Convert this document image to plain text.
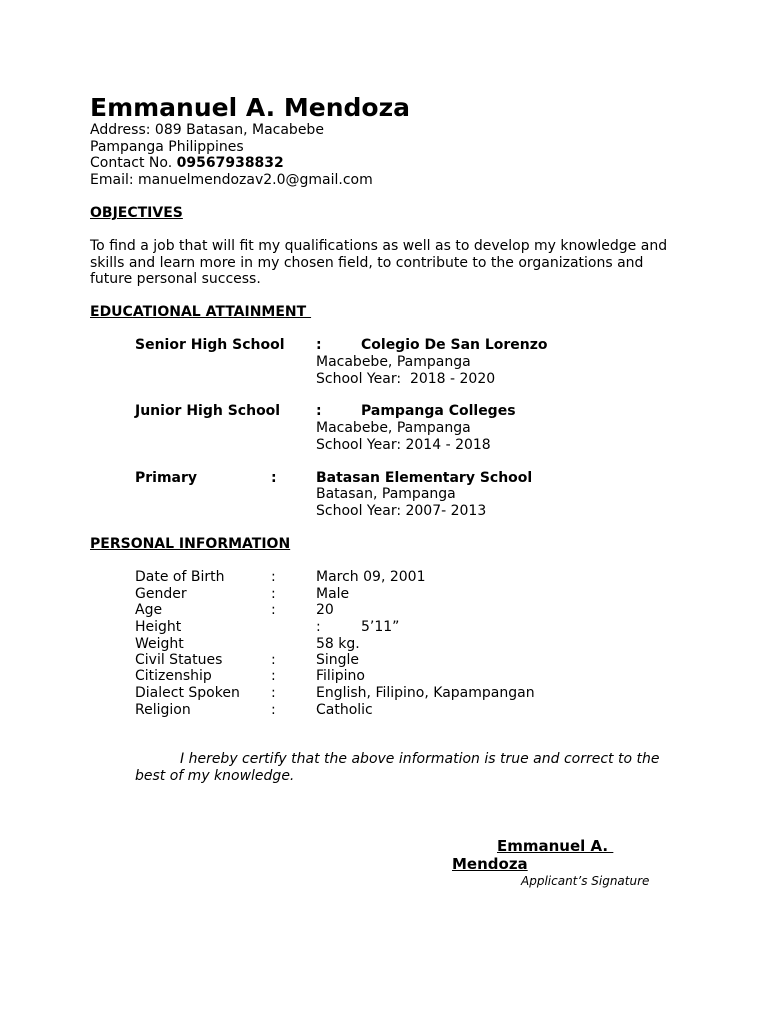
Emmanuel A. Mendoza
Address: 089 Batasan, Macabebe
Pampanga Philippines
Contact No. 09567938832
Email: manuelmendozav2.0@gmail.com
OBJECTIVES
To find a job that will fit my qualifications as well as to develop my knowledge and
skills and learn more in my chosen field, to contribute to the organizations and
future personal success.
EDUCATIONAL ATTAINMENT
Senior High School :	Colegio De San Lorenzo
Macabebe, Pampanga
School Year:  2018 - 2020
Junior High School	:	Pampanga Colleges
Macabebe, Pampanga
School Year: 2014 - 2018
Primary	:	Batasan Elementary School
Batasan, Pampanga
School Year: 2007- 2013
PERSONAL INFORMATION
Date of Birth	:	March 09, 2001
Gender	:	Male
Age	:	20
Height	:	5’11”
Weight	58 kg.
Civil Statues	:	Single
Citizenship	:	Filipino
Dialect Spoken :	English, Filipino, Kapampangan
Religion	:	Catholic
I hereby certify that the above information is true and correct to the
best of my knowledge.
Emmanuel A.
Mendoza
Applicant’s Signature
